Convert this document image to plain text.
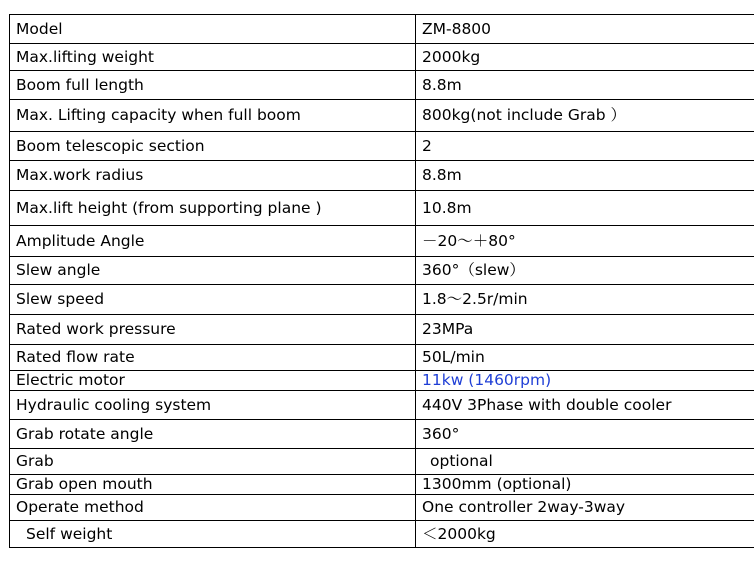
Model	ZM-8800
Max.lifting weight	2000kg
Boom full length	8.8m
Max. Lifting capacity when full boom	800kg(not include Grab ）
Boom telescopic section	2
Max.work radius	8.8m
Max.lift height (from supporting plane )	10.8m
Amplitude Angle	－20～＋80°
Slew angle	360°（slew）
Slew speed	1.8～2.5r/min
Rated work pressure	23MPa
Rated flow rate	50L/min
Electric motor	11kw (1460rpm)
Hydraulic cooling system	440V 3Phase with double cooler
Grab rotate angle	360°
Grab	optional
Grab open mouth	1300mm (optional)
Operate method	One controller 2way-3way
Self weight	＜2000kg
